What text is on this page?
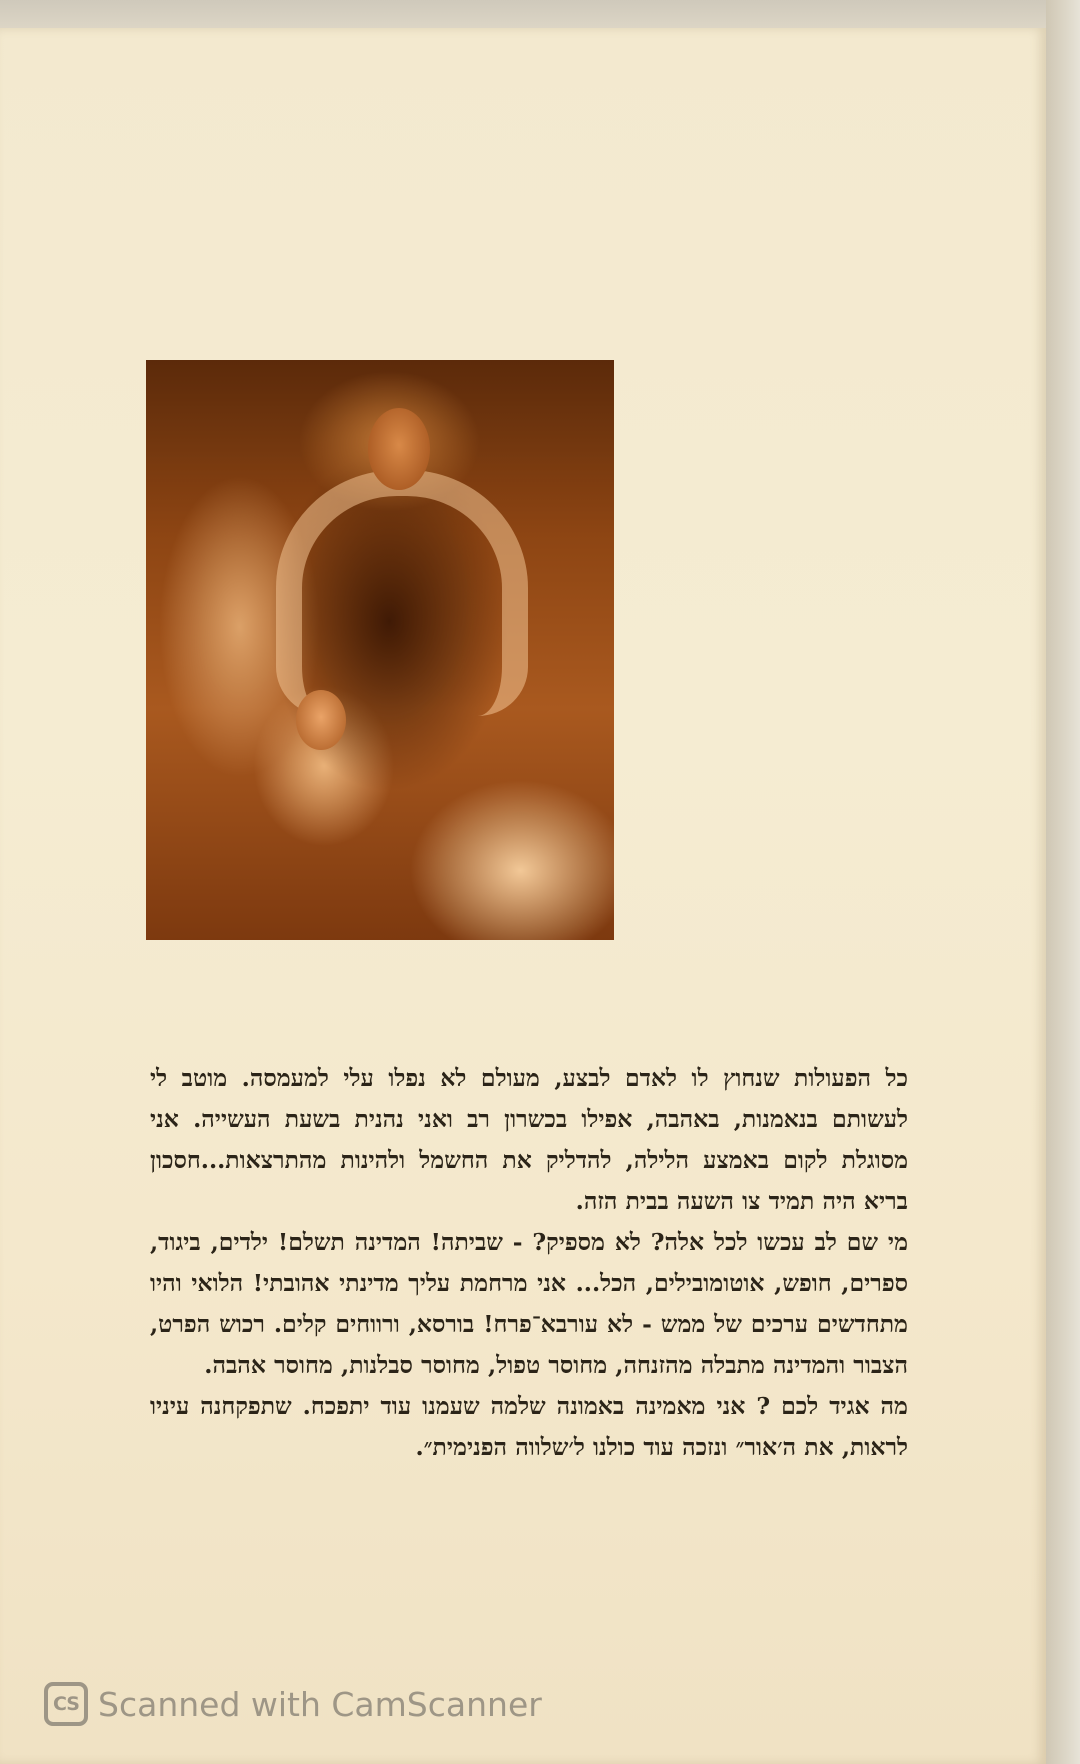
כל הפעולות שנחוץ לו לאדם לבצע, מעולם לא נפלו עלי למעמסה. מוטב לי לעשותם בנאמנות, באהבה, אפילו בכשרון רב ואני נהנית בשעת העשייה. אני מסוגלת לקום באמצע הלילה, להדליק את החשמל ולהינות מהתרצאות...חסכון בריא היה תמיד צו השעה בבית הזה.

מי שם לב עכשו לכל אלה? לא מספיק? - שביתה! המדינה תשלם! ילדים, ביגוד, ספרים, חופש, אוטומובילים, הכל... אני מרחמת עליך מדינתי אהובתי! הלואי והיו מתחדשים ערכים של ממש - לא עורבא־פרח! בורסא, ורווחים קלים. רכוש הפרט, הצבור והמדינה מתבלה מהזנחה, מחוסר טפול, מחוסר סבלנות, מחוסר אהבה.

מה אגיד לכם ? אני מאמינה באמונה שלמה שעמנו עוד יתפכח. שתפקחנה עיניו לראות, את ה׳אור״ ונזכה עוד כולנו ל׳שלווה הפנימית״.

CS Scanned with CamScanner
